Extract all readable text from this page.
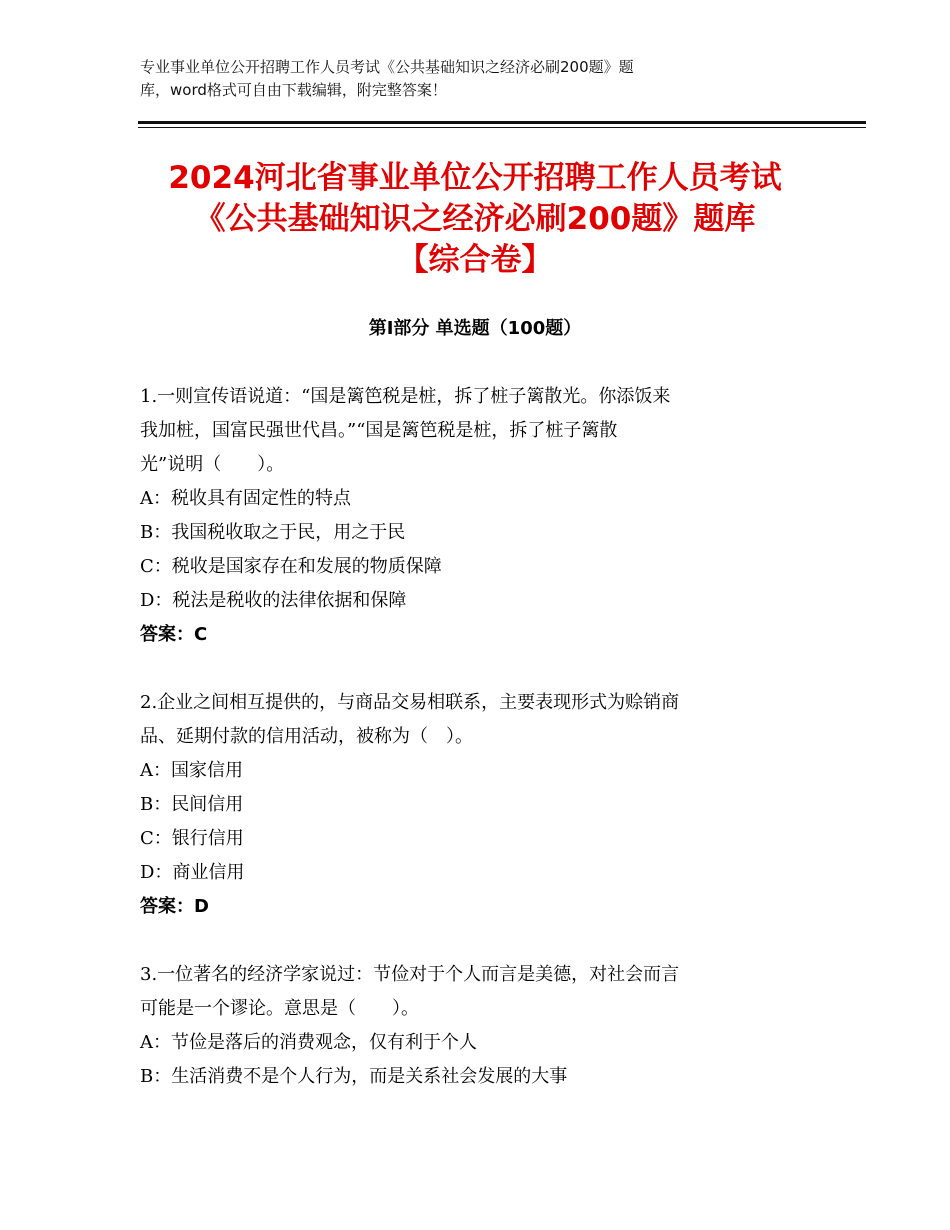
专业事业单位公开招聘工作人员考试《公共基础知识之经济必刷200题》题
库，word格式可自由下载编辑，附完整答案！
2024河北省事业单位公开招聘工作人员考试
《公共基础知识之经济必刷200题》题库
【综合卷】
第Ⅰ部分 单选题（100题）
1.一则宣传语说道：“国是篱笆税是桩，拆了桩子篱散光。你添饭来
我加桩，国富民强世代昌。”“国是篱笆税是桩，拆了桩子篱散
光”说明（　　）。
A：税收具有固定性的特点
B：我国税收取之于民，用之于民
C：税收是国家存在和发展的物质保障
D：税法是税收的法律依据和保障
答案：C
2.企业之间相互提供的，与商品交易相联系，主要表现形式为赊销商
品、延期付款的信用活动，被称为（　）。
A：国家信用
B：民间信用
C：银行信用
D：商业信用
答案：D
3.一位著名的经济学家说过：节俭对于个人而言是美德，对社会而言
可能是一个谬论。意思是（　　）。
A：节俭是落后的消费观念，仅有利于个人
B：生活消费不是个人行为，而是关系社会发展的大事
